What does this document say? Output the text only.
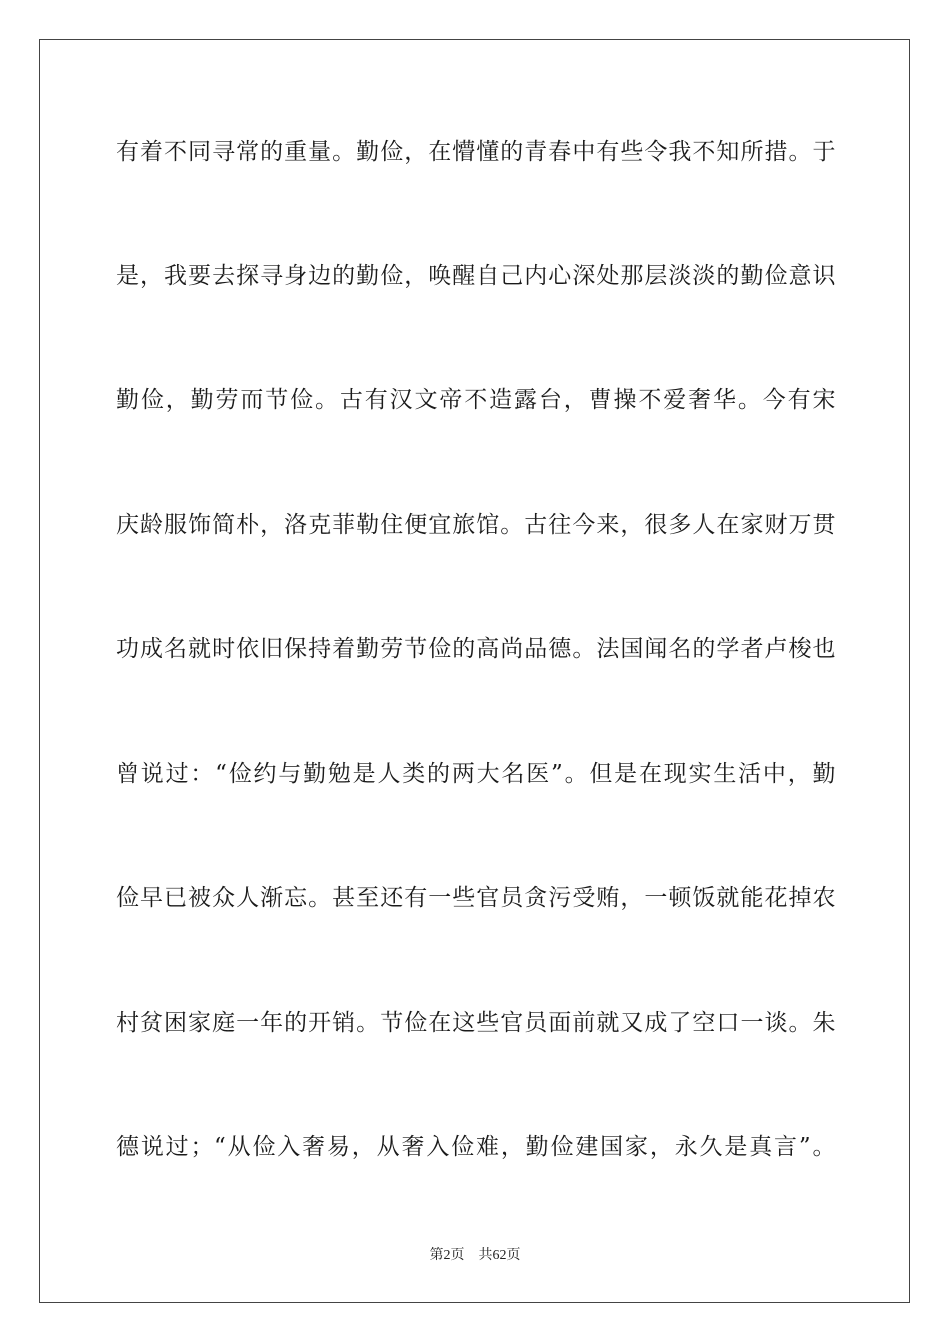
有着不同寻常的重量。勤俭，在懵懂的青春中有些令我不知所措。于
是，我要去探寻身边的勤俭，唤醒自己内心深处那层淡淡的勤俭意识
勤俭，勤劳而节俭。古有汉文帝不造露台，曹操不爱奢华。今有宋
庆龄服饰简朴，洛克菲勒住便宜旅馆。古往今来，很多人在家财万贯
功成名就时依旧保持着勤劳节俭的高尚品德。法国闻名的学者卢梭也
曾说过：“俭约与勤勉是人类的两大名医”。但是在现实生活中，勤
俭早已被众人渐忘。甚至还有一些官员贪污受贿，一顿饭就能花掉农
村贫困家庭一年的开销。节俭在这些官员面前就又成了空口一谈。朱
德说过；“从俭入奢易，从奢入俭难，勤俭建国家，永久是真言”。
第2页 共62页
